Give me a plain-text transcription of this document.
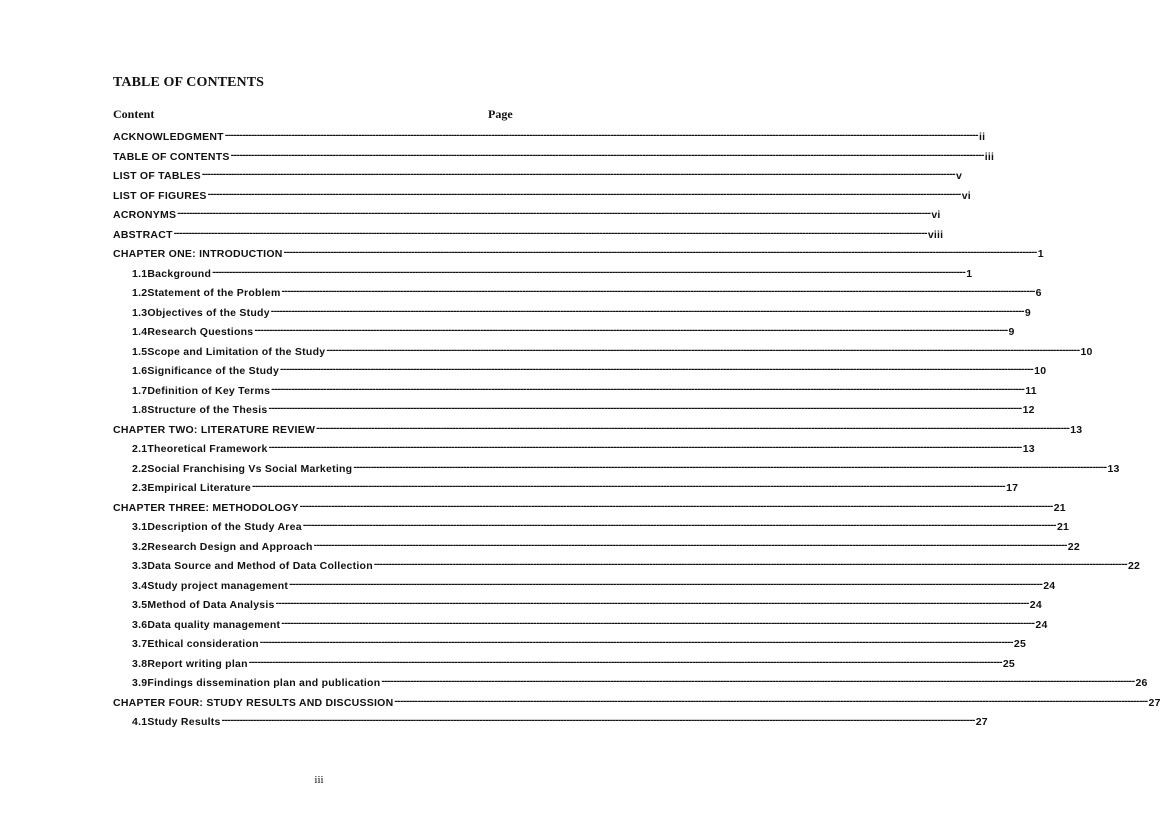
TABLE OF CONTENTS
Content	Page
ACKNOWLEDGMENT -------------------------------------------------------------------------------------------------------------------------------------------------------------------------------------------------------------------------------------------------------------------- ii
TABLE OF CONTENTS -------------------------------------------------------------------------------------------------------------------------------------------------------------------------------------------------------------------------------------------------------------------- iii
LIST OF TABLES -------------------------------------------------------------------------------------------------------------------------------------------------------------------------------------------------------------------------------------------------------------------- v
LIST OF FIGURES -------------------------------------------------------------------------------------------------------------------------------------------------------------------------------------------------------------------------------------------------------------------- vi
ACRONYMS -------------------------------------------------------------------------------------------------------------------------------------------------------------------------------------------------------------------------------------------------------------------- vi
ABSTRACT -------------------------------------------------------------------------------------------------------------------------------------------------------------------------------------------------------------------------------------------------------------------- viii
CHAPTER ONE: INTRODUCTION -------------------------------------------------------------------------------------------------------------------------------------------------------------------------------------------------------------------------------------------------------------------- 1
1.1Background -------------------------------------------------------------------------------------------------------------------------------------------------------------------------------------------------------------------------------------------------------------------- 1
1.2Statement of the Problem -------------------------------------------------------------------------------------------------------------------------------------------------------------------------------------------------------------------------------------------------------------------- 6
1.3Objectives of the Study -------------------------------------------------------------------------------------------------------------------------------------------------------------------------------------------------------------------------------------------------------------------- 9
1.4Research Questions -------------------------------------------------------------------------------------------------------------------------------------------------------------------------------------------------------------------------------------------------------------------- 9
1.5Scope and Limitation of the Study -------------------------------------------------------------------------------------------------------------------------------------------------------------------------------------------------------------------------------------------------------------------- 10
1.6Significance of the Study -------------------------------------------------------------------------------------------------------------------------------------------------------------------------------------------------------------------------------------------------------------------- 10
1.7Definition of Key Terms -------------------------------------------------------------------------------------------------------------------------------------------------------------------------------------------------------------------------------------------------------------------- 11
1.8Structure of the Thesis -------------------------------------------------------------------------------------------------------------------------------------------------------------------------------------------------------------------------------------------------------------------- 12
CHAPTER TWO: LITERATURE REVIEW -------------------------------------------------------------------------------------------------------------------------------------------------------------------------------------------------------------------------------------------------------------------- 13
2.1Theoretical Framework -------------------------------------------------------------------------------------------------------------------------------------------------------------------------------------------------------------------------------------------------------------------- 13
2.2Social Franchising Vs Social Marketing -------------------------------------------------------------------------------------------------------------------------------------------------------------------------------------------------------------------------------------------------------------------- 13
2.3Empirical Literature -------------------------------------------------------------------------------------------------------------------------------------------------------------------------------------------------------------------------------------------------------------------- 17
CHAPTER THREE: METHODOLOGY -------------------------------------------------------------------------------------------------------------------------------------------------------------------------------------------------------------------------------------------------------------------- 21
3.1Description of the Study Area -------------------------------------------------------------------------------------------------------------------------------------------------------------------------------------------------------------------------------------------------------------------- 21
3.2Research Design and Approach -------------------------------------------------------------------------------------------------------------------------------------------------------------------------------------------------------------------------------------------------------------------- 22
3.3Data Source and Method of Data Collection -------------------------------------------------------------------------------------------------------------------------------------------------------------------------------------------------------------------------------------------------------------------- 22
3.4Study project management -------------------------------------------------------------------------------------------------------------------------------------------------------------------------------------------------------------------------------------------------------------------- 24
3.5Method of Data Analysis -------------------------------------------------------------------------------------------------------------------------------------------------------------------------------------------------------------------------------------------------------------------- 24
3.6Data quality management -------------------------------------------------------------------------------------------------------------------------------------------------------------------------------------------------------------------------------------------------------------------- 24
3.7Ethical consideration -------------------------------------------------------------------------------------------------------------------------------------------------------------------------------------------------------------------------------------------------------------------- 25
3.8Report writing plan -------------------------------------------------------------------------------------------------------------------------------------------------------------------------------------------------------------------------------------------------------------------- 25
3.9Findings dissemination plan and publication -------------------------------------------------------------------------------------------------------------------------------------------------------------------------------------------------------------------------------------------------------------------- 26
CHAPTER FOUR: STUDY RESULTS AND DISCUSSION -------------------------------------------------------------------------------------------------------------------------------------------------------------------------------------------------------------------------------------------------------------------- 27
4.1Study Results -------------------------------------------------------------------------------------------------------------------------------------------------------------------------------------------------------------------------------------------------------------------- 27
iii
